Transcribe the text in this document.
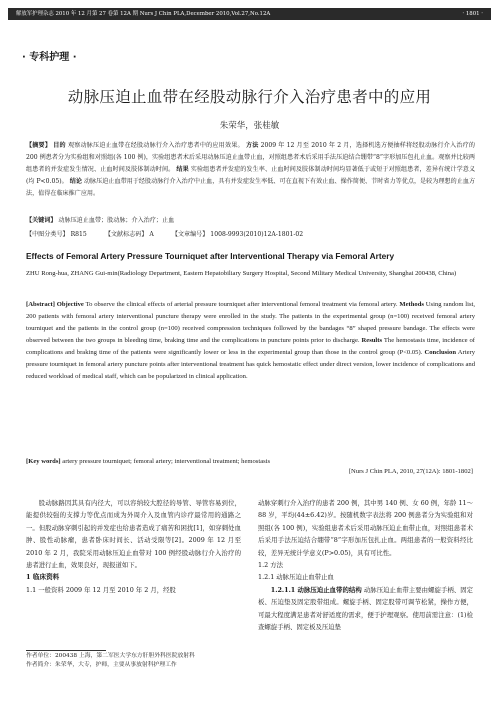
解放军护理杂志 2010 年 12 月第 27 卷第 12A 期 Nurs J Chin PLA,December 2010,Vol.27,No.12A	· 1801 ·
· 专科护理 ·
动脉压迫止血带在经股动脉行介入治疗患者中的应用
朱荣华，张桂敏
【摘要】 目的 观察动脉压迫止血带在经股动脉行介入治疗患者中的应用效果。 方法 2009 年 12 月至 2010 年 2 月，选择机选方便抽样将经股动脉行介入治疗的 200 例患者分为实验组和对照组(各 100 例)，实验组患者术后采用动脉压迫止血带止血，对照组患者术后采用手法压迫结合绷带“8”字形加压包扎止血。观察并比较两组患者的并发症发生情况、止血时间及肢体制动时间。 结果 实验组患者并发症的发生率、止血时间及肢体制动时间均显著低于或短于对照组患者，差异有统计学意义(均 P<0.05)。 结论 动脉压迫止血带用于经股动脉行介入治疗中止血，具有并发症发生率低、可在直视下有效止血、操作简便、节时省力等优点，是较为理想的止血方法，值得在临床推广应用。
【关键词】 动脉压迫止血带；股动脉；介入治疗；止血
【中图分类号】 R815	【文献标志码】 A	【文章编号】 1008-9993(2010)12A-1801-02
Effects of Femoral Artery Pressure Tourniquet after Interventional Therapy via Femoral Artery
ZHU Rong-hua, ZHANG Gui-min(Radiology Department, Eastern Hepatobiliary Surgery Hospital, Second Military Medical University, Shanghai 200438, China)
[Abstract] Objective To observe the clinical effects of arterial pressure tourniquet after interventional femoral treatment via femoral artery. Methods Using random list, 200 patients with femoral artery interventional puncture therapy were enrolled in the study. The patients in the experimental group (n=100) received femoral artery tourniquet and the patients in the control group (n=100) received compression techniques followed by the bandages “8” shaped pressure bandage. The effects were observed between the two groups in bleeding time, braking time and the complications in puncture points prior to discharge. Results The hemostasis time, incidence of complications and braking time of the patients were significantly lower or less in the experimental group than those in the control group (P<0.05). Conclusion Artery pressure tourniquet in femoral artery puncture points after interventional treatment has quick hemostatic effect under direct version, lower incidence of complications and reduced workload of medical staff, which can be popularized in clinical application.
[Key words] artery pressure tourniquet; femoral artery; interventional treatment; hemostasis
[Nurs J Chin PLA, 2010, 27(12A): 1801-1802]

股动脉路因其具有内径大，可以容纳较大腔径的导管、导管容易到位，能提供较强的支撑力等优点而成为外周介入及血管内诊疗最常用的通路之一。但股动脉穿刺引起的并发症也给患者造成了痛苦和困扰[1]，如穿刺处血肿、股性动脉瘤，患者卧床时间长、活动受限等[2]。2009 年 12 月至 2010 年 2 月，我院采用动脉压迫止血带对 100 例经股动脉行介入治疗的患者进行止血，效果良好，现报道如下。

1 临床资料
1.1 一般资料 2009 年 12 月至 2010 年 2 月，经股
动脉穿刺行介入治疗的患者 200 例，其中男 140 例、女 60 例，年龄 11～88 岁，平均(44±6.42)岁。按随机数字表法将 200 例患者分为实验组和对照组(各 100 例)，实验组患者术后采用动脉压迫止血带止血，对照组患者术后采用手法压迫结合绷带“8”字形加压包扎止血。两组患者的一般资料经比较，差异无统计学意义(P>0.05)，具有可比性。
1.2 方法
1.2.1 动脉压迫止血带止血

1.2.1.1 动脉压迫止血带的结构 动脉压迫止血带主要由螺旋手柄、固定板、压迫垫及固定股带组成。螺旋手柄、固定股带可调节松紧，操作方便，可最大程度满足患者对舒适度的需求，便于护理观察。使用前需注意：(1)检查螺旋手柄、固定板及压迫垫

作者单位：200438 上海，第二军医大学东方肝胆外科医院放射科
作者简介：朱荣华，大专，护师，主要从事放射科护理工作
